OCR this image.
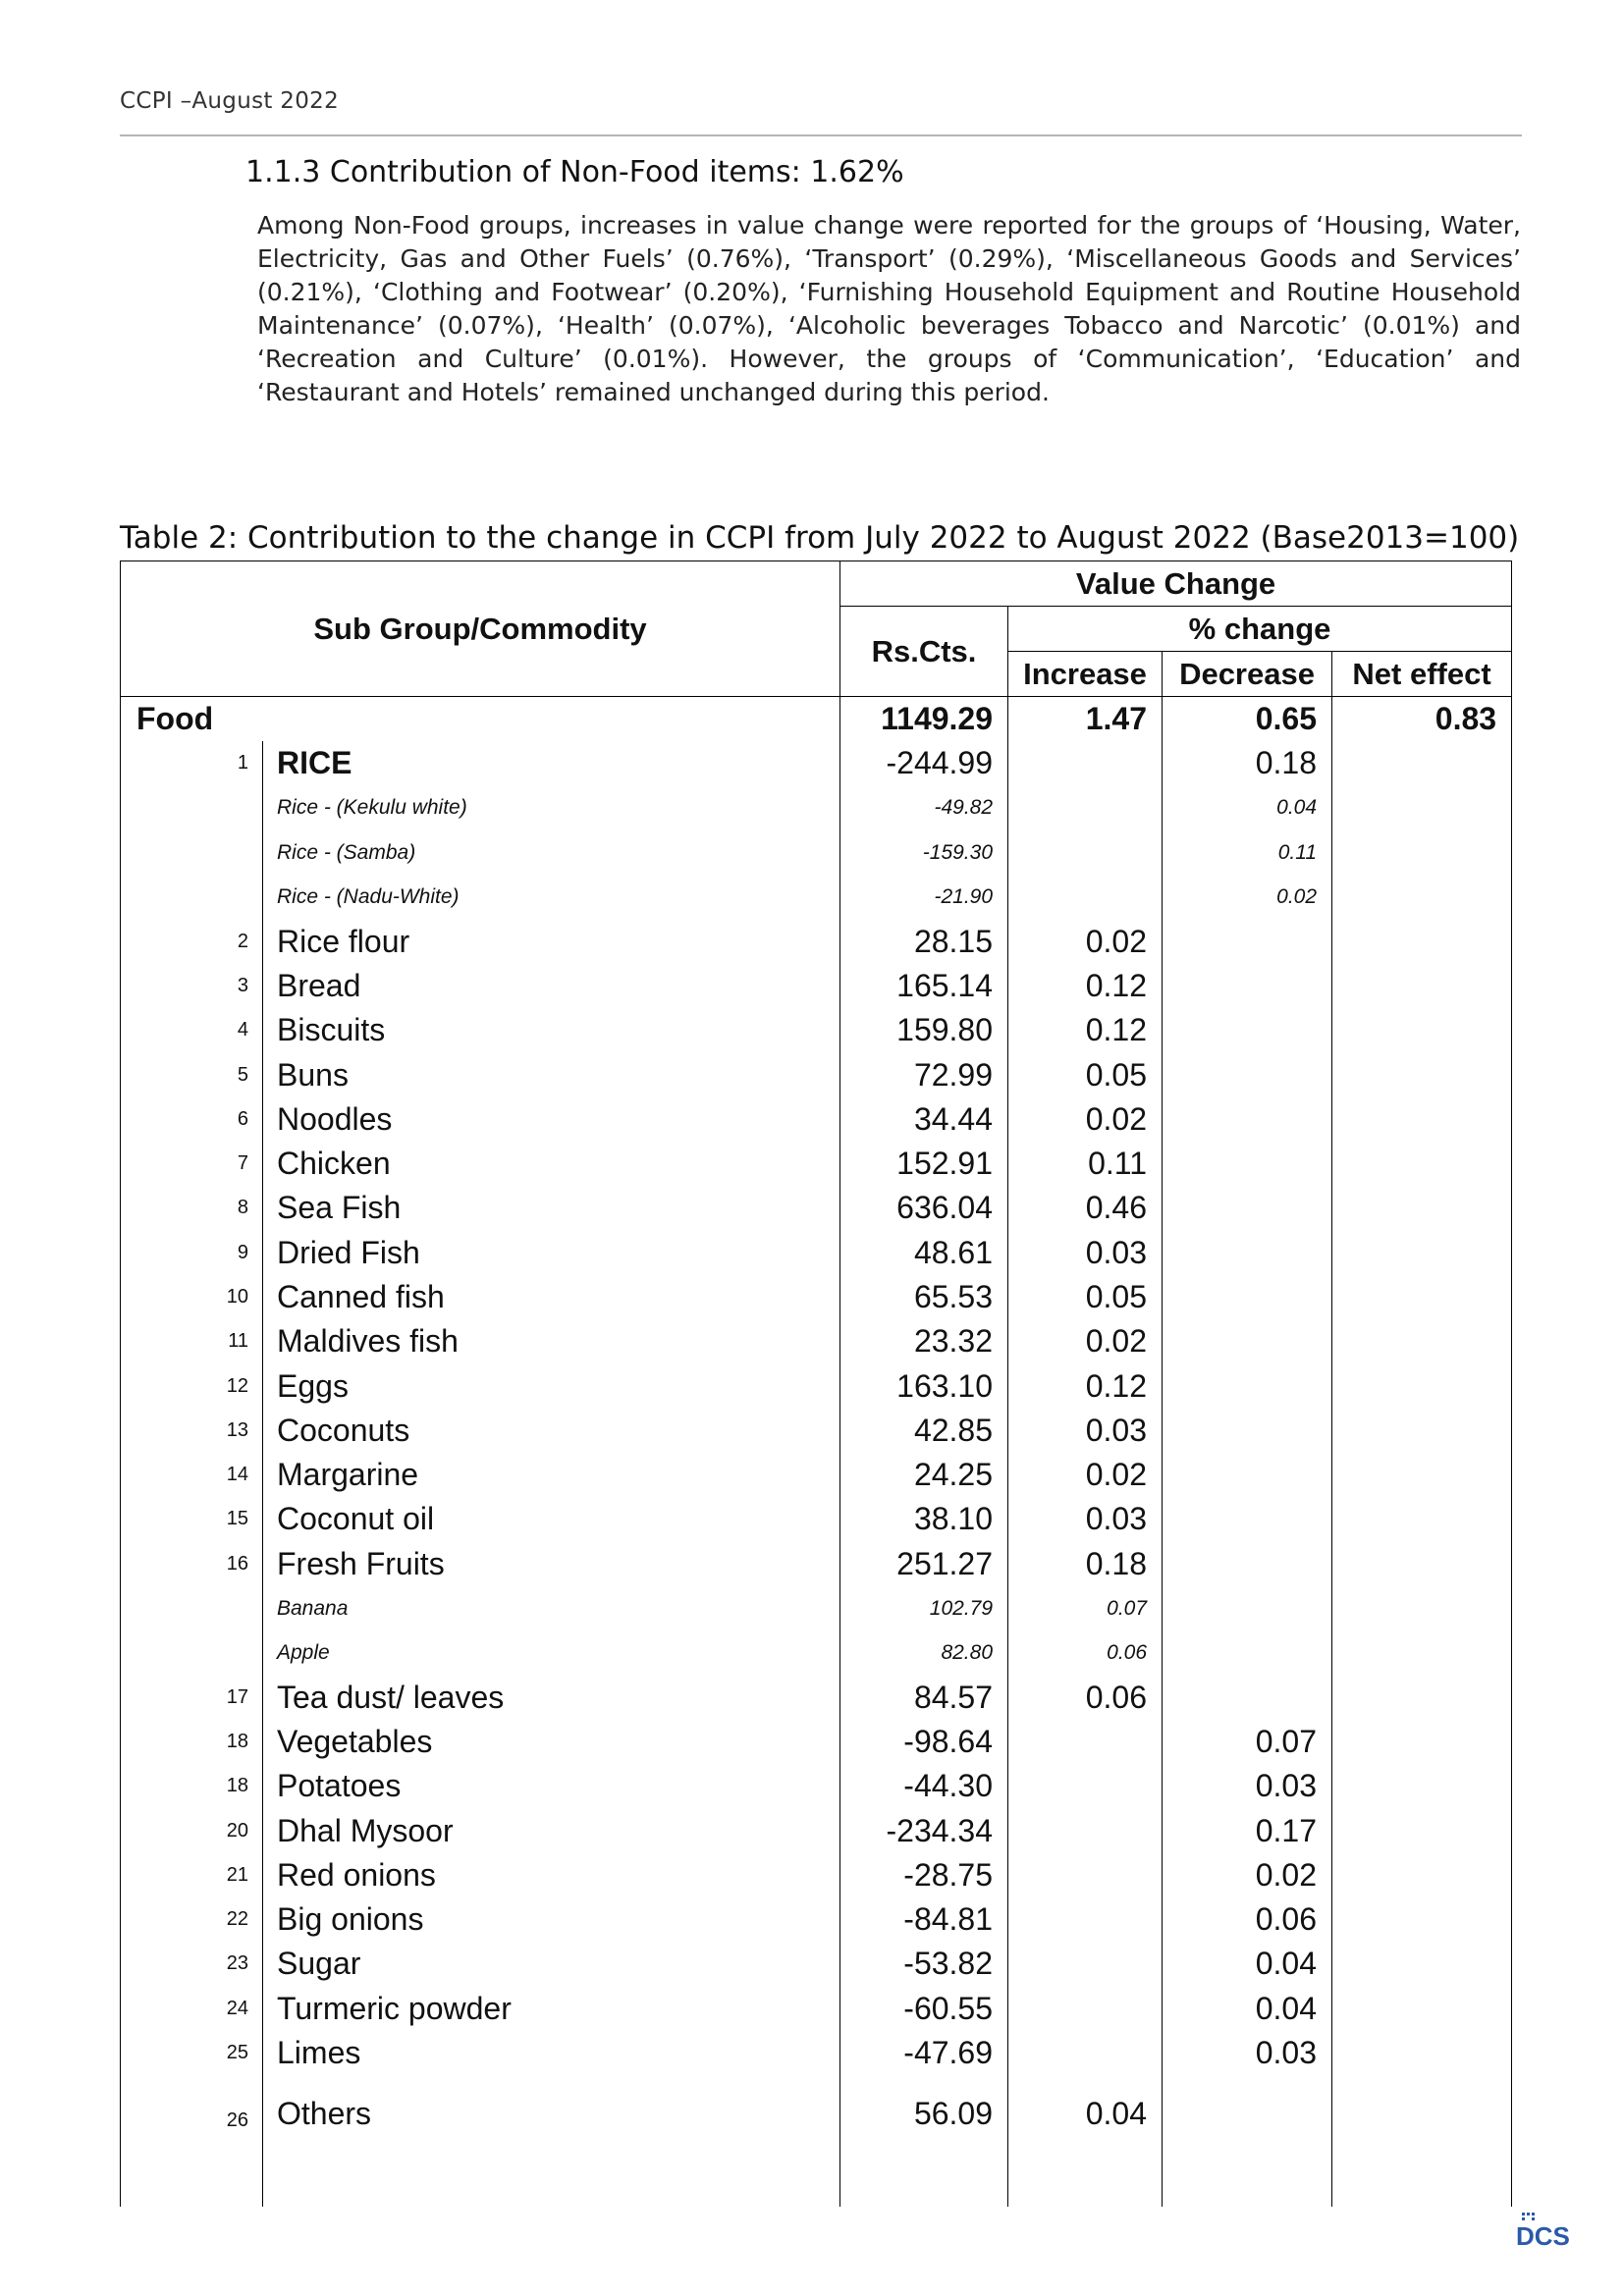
CCPI –August 2022
1.1.3 Contribution of Non-Food items: 1.62%
Among Non-Food groups, increases in value change were reported for the groups of ‘Housing, Water, Electricity, Gas and Other Fuels’ (0.76%), ‘Transport’ (0.29%), ‘Miscellaneous Goods and Services’ (0.21%), ‘Clothing and Footwear’ (0.20%), ‘Furnishing Household Equipment and Routine Household Maintenance’ (0.07%), ‘Health’ (0.07%), ‘Alcoholic beverages Tobacco and Narcotic’ (0.01%) and ‘Recreation and Culture’ (0.01%). However, the groups of ‘Communication’, ‘Education’ and ‘Restaurant and Hotels’ remained unchanged during this period.
Table 2: Contribution to the change in CCPI from July 2022 to August 2022 (Base2013=100)
Sub Group/Commodity		Value Change			
		Rs.Cts.	% change		
			Increase	Decrease	Net effect
Food		1149.29	1.47	0.65	0.83
1	RICE	-244.99		0.18	
	Rice - (Kekulu white)	-49.82		0.04	
	Rice - (Samba)	-159.30		0.11	
	Rice - (Nadu-White)	-21.90		0.02	
2	Rice flour	28.15	0.02		
3	Bread	165.14	0.12		
4	Biscuits	159.80	0.12		
5	Buns	72.99	0.05		
6	Noodles	34.44	0.02		
7	Chicken	152.91	0.11		
8	Sea Fish	636.04	0.46		
9	Dried Fish	48.61	0.03		
10	Canned fish	65.53	0.05		
11	Maldives fish	23.32	0.02		
12	Eggs	163.10	0.12		
13	Coconuts	42.85	0.03		
14	Margarine	24.25	0.02		
15	Coconut oil	38.10	0.03		
16	Fresh Fruits	251.27	0.18		
	Banana	102.79	0.07		
	Apple	82.80	0.06		
17	Tea dust/ leaves	84.57	0.06		
18	Vegetables	-98.64		0.07	
18	Potatoes	-44.30		0.03	
20	Dhal Mysoor	-234.34		0.17	
21	Red onions	-28.75		0.02	
22	Big onions	-84.81		0.06	
23	Sugar	-53.82		0.04	
24	Turmeric powder	-60.55		0.04	
25	Limes	-47.69		0.03	
26	Others	56.09	0.04		

DCS
